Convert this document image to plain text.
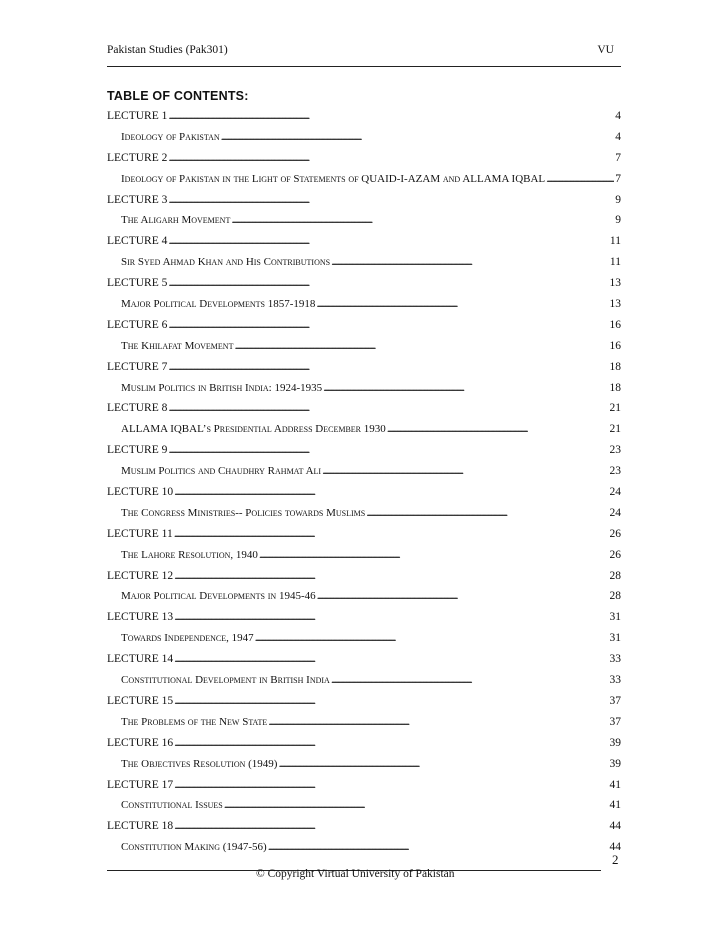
Pakistan Studies (Pak301)	VU
TABLE OF CONTENTS:
LECTURE 1 . . .	4
Ideology of Pakistan . . .	4
LECTURE 2 . . .	7
Ideology of Pakistan in the Light of Statements of QUAID-I-AZAM and ALLAMA IQBAL . . .	7
LECTURE 3 . . .	9
The Aligarh Movement . . .	9
LECTURE 4 . . .	11
Sir Syed Ahmad Khan and His Contributions . . .	11
LECTURE 5 . . .	13
Major Political Developments 1857-1918 . . .	13
LECTURE 6 . . .	16
The Khilafat Movement . . .	16
LECTURE 7 . . .	18
Muslim Politics in British India: 1924-1935 . . .	18
LECTURE 8 . . .	21
ALLAMA IQBAL’s Presidential Address December 1930 . . .	21
LECTURE 9 . . .	23
Muslim Politics and Chaudhry Rahmat Ali . . .	23
LECTURE 10 . . .	24
The Congress Ministries-- Policies towards Muslims . . .	24
LECTURE 11 . . .	26
The Lahore Resolution, 1940 . . .	26
LECTURE 12 . . .	28
Major Political Developments in 1945-46 . . .	28
LECTURE 13 . . .	31
Towards Independence, 1947 . . .	31
LECTURE 14 . . .	33
Constitutional Development in British India . . .	33
LECTURE 15 . . .	37
The Problems of the New State . . .	37
LECTURE 16 . . .	39
The Objectives Resolution (1949) . . .	39
LECTURE 17 . . .	41
Constitutional Issues . . .	41
LECTURE 18 . . .	44
Constitution Making (1947-56) . . .	44
2
© Copyright Virtual University of Pakistan
